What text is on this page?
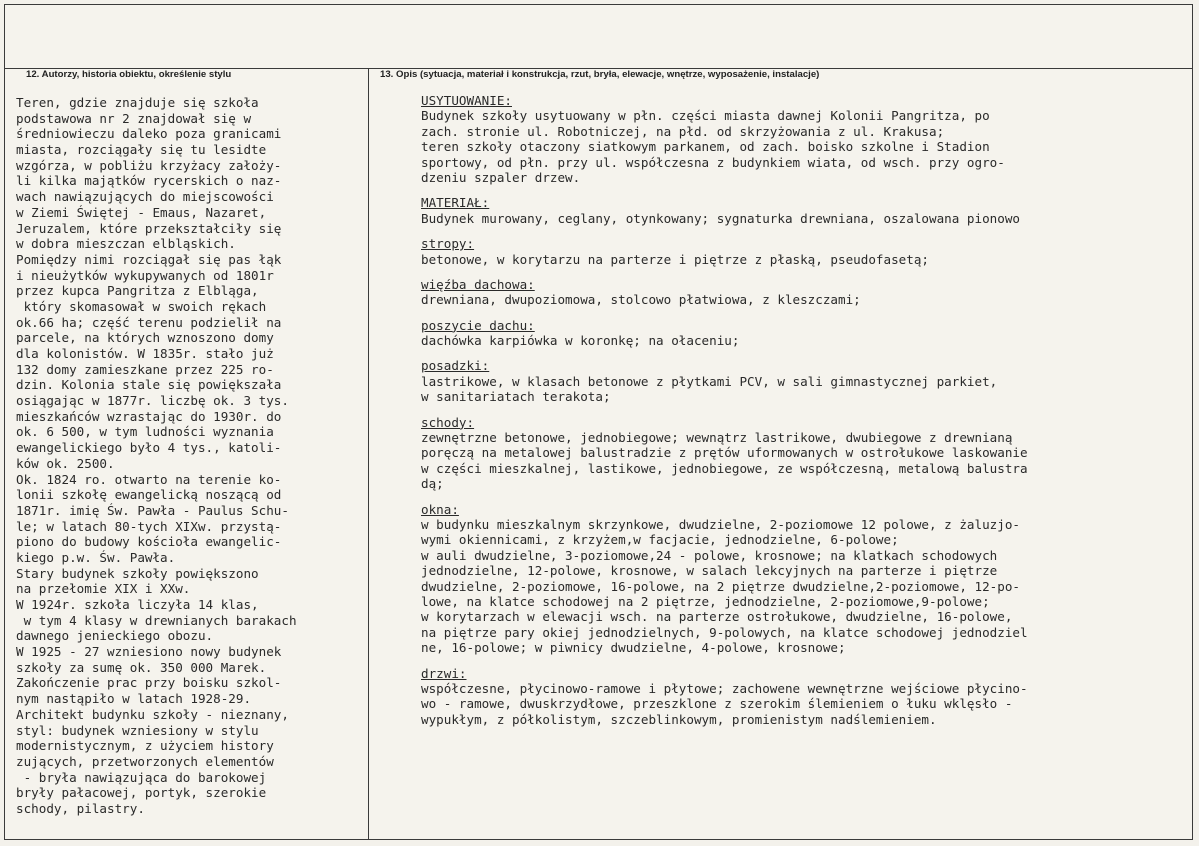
12. Autorzy, historia obiektu, określenie stylu	13. Opis (sytuacja, materiał i konstrukcja, rzut, bryła, elewacje, wnętrze, wyposażenie, instalacje)
Teren, gdzie znajduje się szkoła
podstawowa nr 2 znajdował się w
średniowieczu daleko poza granicami
miasta, rozciągały się tu lesidte
wzgórza, w pobliżu krzyżacy założy-
li kilka majątków rycerskich o naz-
wach nawiązujących do miejscowości
w Ziemi Świętej - Emaus, Nazaret,
Jeruzalem, które przekształciły się
w dobra mieszczan elbląskich.
Pomiędzy nimi rozciągał się pas łąk
i nieużytków wykupywanych od 1801r
przez kupca Pangritza z Elbląga,
który skomasował w swoich rękach
ok.66 ha; część terenu podzielił na
parcele, na których wznoszono domy
dla kolonistów. W 1835r. stało już
132 domy zamieszkane przez 225 ro-
dzin. Kolonia stale się powiększała
osiągając w 1877r. liczbę ok. 3 tys.
mieszkańców wzrastając do 1930r. do
ok. 6 500, w tym ludności wyznania
ewangelickiego było 4 tys., katoli-
ków ok. 2500.
Ok. 1824 ro. otwarto na terenie ko-
lonii szkołę ewangelicką noszącą od
1871r. imię Św. Pawła - Paulus Schu-
le; w latach 80-tych XIXw. przystą-
piono do budowy kościoła ewangelic-
kiego p.w. Św. Pawła.
Stary budynek szkoły powiększono
na przełomie XIX i XXw.
W 1924r. szkoła liczyła 14 klas,
w tym 4 klasy w drewnianych barakach
dawnego jenieckiego obozu.
W 1925 - 27 wzniesiono nowy budynek
szkoły za sumę ok. 350 000 Marek.
Zakończenie prac przy boisku szkol-
nym nastąpiło w latach 1928-29.
Architekt budynku szkoły - nieznany,
styl: budynek wzniesiony w stylu
modernistycznym, z użyciem history
zujących, przetworzonych elementów
- bryła nawiązująca do barokowej
bryły pałacowej, portyk, szerokie
schody, pilastry.
USYTUOWANIE:
Budynek szkoły usytuowany w płn. części miasta dawnej Kolonii Pangritza, po
zach. stronie ul. Robotniczej, na płd. od skrzyżowania z ul. Krakusa;
teren szkoły otaczony siatkowym parkanem, od zach. boisko szkolne i Stadion
sportowy, od płn. przy ul. współczesna z budynkiem wiata, od wsch. przy ogro-
dzeniu szpaler drzew.
MATERIAŁ:
Budynek murowany, ceglany, otynkowany; sygnaturka drewniana, oszalowana pionowo
stropy:
betonowe, w korytarzu na parterze i piętrze z płaską, pseudofasetą;
więźba dachowa:
drewniana, dwupoziomowa, stolcowo płatwiowa, z kleszczami;
poszycie dachu:
dachówka karpiówka w koronkę; na ołaceniu;
posadzki:
lastrikowe, w klasach betonowe z płytkami PCV, w sali gimnastycznej parkiet,
w sanitariatach terakota;
schody:
zewnętrzne betonowe, jednobiegowe; wewnątrz lastrikowe, dwubiegowe z drewnianą
poręczą na metalowej balustradzie z prętów uformowanych w ostrołukowe laskowanie
w części mieszkalnej, lastikowe, jednobiegowe, ze współczesną, metalową balustra
dą;
okna:
w budynku mieszkalnym skrzynkowe, dwudzielne, 2-poziomowe 12 polowe, z żaluzjo-
wymi okiennicami, z krzyżem,w facjacie, jednodzielne, 6-polowe;
w auli dwudzielne, 3-poziomowe,24 - polowe, krosnowe; na klatkach schodowych
jednodzielne, 12-polowe, krosnowe, w salach lekcyjnych na parterze i piętrze
dwudzielne, 2-poziomowe, 16-polowe, na 2 piętrze dwudzielne,2-poziomowe, 12-po-
lowe, na klatce schodowej na 2 piętrze, jednodzielne, 2-poziomowe,9-polowe;
w korytarzach w elewacji wsch. na parterze ostrołukowe, dwudzielne, 16-polowe,
na piętrze pary okiej jednodzielnych, 9-polowych, na klatce schodowej jednodziel
ne, 16-polowe; w piwnicy dwudzielne, 4-polowe, krosnowe;
drzwi:
współczesne, płycinowo-ramowe i płytowe; zachowene wewnętrzne wejściowe płycino-
wo - ramowe, dwuskrzydłowe, przeszklone z szerokim ślemieniem o łuku wklęsło -
wypukłym, z półkolistym, szczeblinkowym, promienistym nadślemieniem.
